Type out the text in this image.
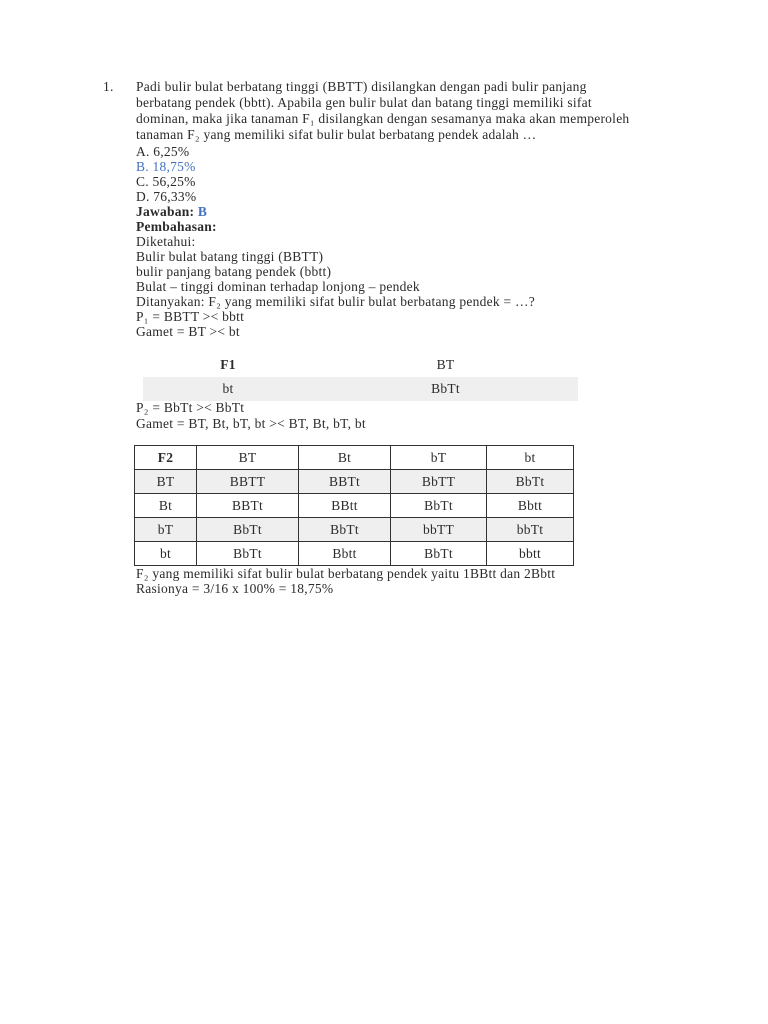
1. Padi bulir bulat berbatang tinggi (BBTT) disilangkan dengan padi bulir panjang
berbatang pendek (bbtt). Apabila gen bulir bulat dan batang tinggi memiliki sifat
dominan, maka jika tanaman F₁ disilangkan dengan sesamanya maka akan memperoleh
tanaman F₂ yang memiliki sifat bulir bulat berbatang pendek adalah …
A. 6,25%
B. 18,75%
C. 56,25%
D. 76,33%
Jawaban: B
Pembahasan:
Diketahui:
Bulir bulat batang tinggi (BBTT)
bulir panjang batang pendek (bbtt)
Bulat – tinggi dominan terhadap lonjong – pendek
Ditanyakan: F₂ yang memiliki sifat bulir bulat berbatang pendek = …?
P₁ = BBTT >< bbtt
Gamet = BT >< bt
F1	BT
bt	BbTt
P₂ = BbTt >< BbTt
Gamet = BT, Bt, bT, bt >< BT, Bt, bT, bt
F2	BT	Bt	bT	bt
BT	BBTT	BBTt	BbTT	BbTt
Bt	BBTt	BBtt	BbTt	Bbtt
bT	BbTt	BbTt	bbTT	bbTt
bt	BbTt	Bbtt	BbTt	bbtt
F₂ yang memiliki sifat bulir bulat berbatang pendek yaitu 1BBtt dan 2Bbtt
Rasionya = 3/16 x 100% = 18,75%
